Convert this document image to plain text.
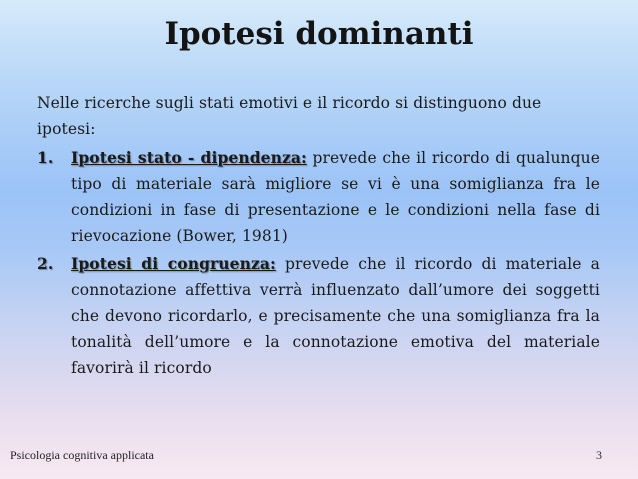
Ipotesi dominanti

Nelle ricerche sugli stati emotivi e il ricordo si distinguono due ipotesi:

1. Ipotesi stato - dipendenza: prevede che il ricordo di qualunque tipo di materiale sarà migliore se vi è una somiglianza fra le condizioni in fase di presentazione e le condizioni nella fase di rievocazione (Bower, 1981)
2. Ipotesi di congruenza: prevede che il ricordo di materiale a connotazione affettiva verrà influenzato dall’umore dei soggetti che devono ricordarlo, e precisamente che una somiglianza fra la tonalità dell’umore e la connotazione emotiva del materiale favorirà il ricordo
Psicologia cognitiva applicata	3
